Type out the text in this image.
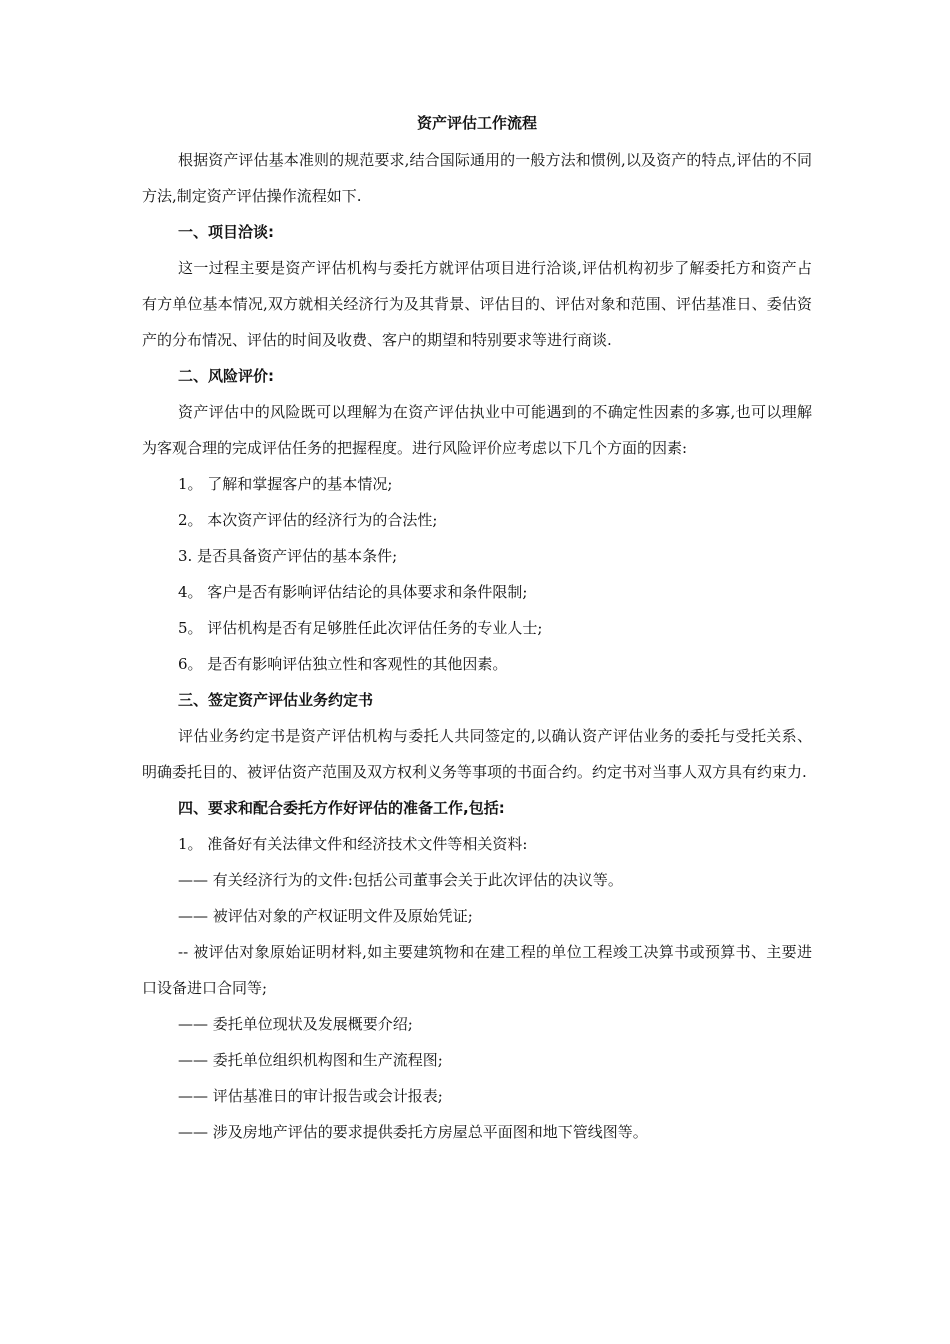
资产评估工作流程

根据资产评估基本准则的规范要求,结合国际通用的一般方法和惯例,以及资产的特点,评估的不同方法,制定资产评估操作流程如下.

一、项目洽谈:

这一过程主要是资产评估机构与委托方就评估项目进行洽谈,评估机构初步了解委托方和资产占有方单位基本情况,双方就相关经济行为及其背景、评估目的、评估对象和范围、评估基准日、委估资产的分布情况、评估的时间及收费、客户的期望和特别要求等进行商谈.

二、风险评价:

资产评估中的风险既可以理解为在资产评估执业中可能遇到的不确定性因素的多寡,也可以理解为客观合理的完成评估任务的把握程度。进行风险评价应考虑以下几个方面的因素:

1。 了解和掌握客户的基本情况;

2。 本次资产评估的经济行为的合法性;

3. 是否具备资产评估的基本条件;

4。 客户是否有影响评估结论的具体要求和条件限制;

5。 评估机构是否有足够胜任此次评估任务的专业人士;

6。 是否有影响评估独立性和客观性的其他因素。

三、签定资产评估业务约定书

评估业务约定书是资产评估机构与委托人共同签定的,以确认资产评估业务的委托与受托关系、明确委托目的、被评估资产范围及双方权利义务等事项的书面合约。约定书对当事人双方具有约束力.

四、要求和配合委托方作好评估的准备工作,包括:

1。 准备好有关法律文件和经济技术文件等相关资料:

—— 有关经济行为的文件:包括公司董事会关于此次评估的决议等。

—— 被评估对象的产权证明文件及原始凭证;

-- 被评估对象原始证明材料,如主要建筑物和在建工程的单位工程竣工决算书或预算书、主要进口设备进口合同等;

—— 委托单位现状及发展概要介绍;

—— 委托单位组织机构图和生产流程图;

—— 评估基准日的审计报告或会计报表;

—— 涉及房地产评估的要求提供委托方房屋总平面图和地下管线图等。
